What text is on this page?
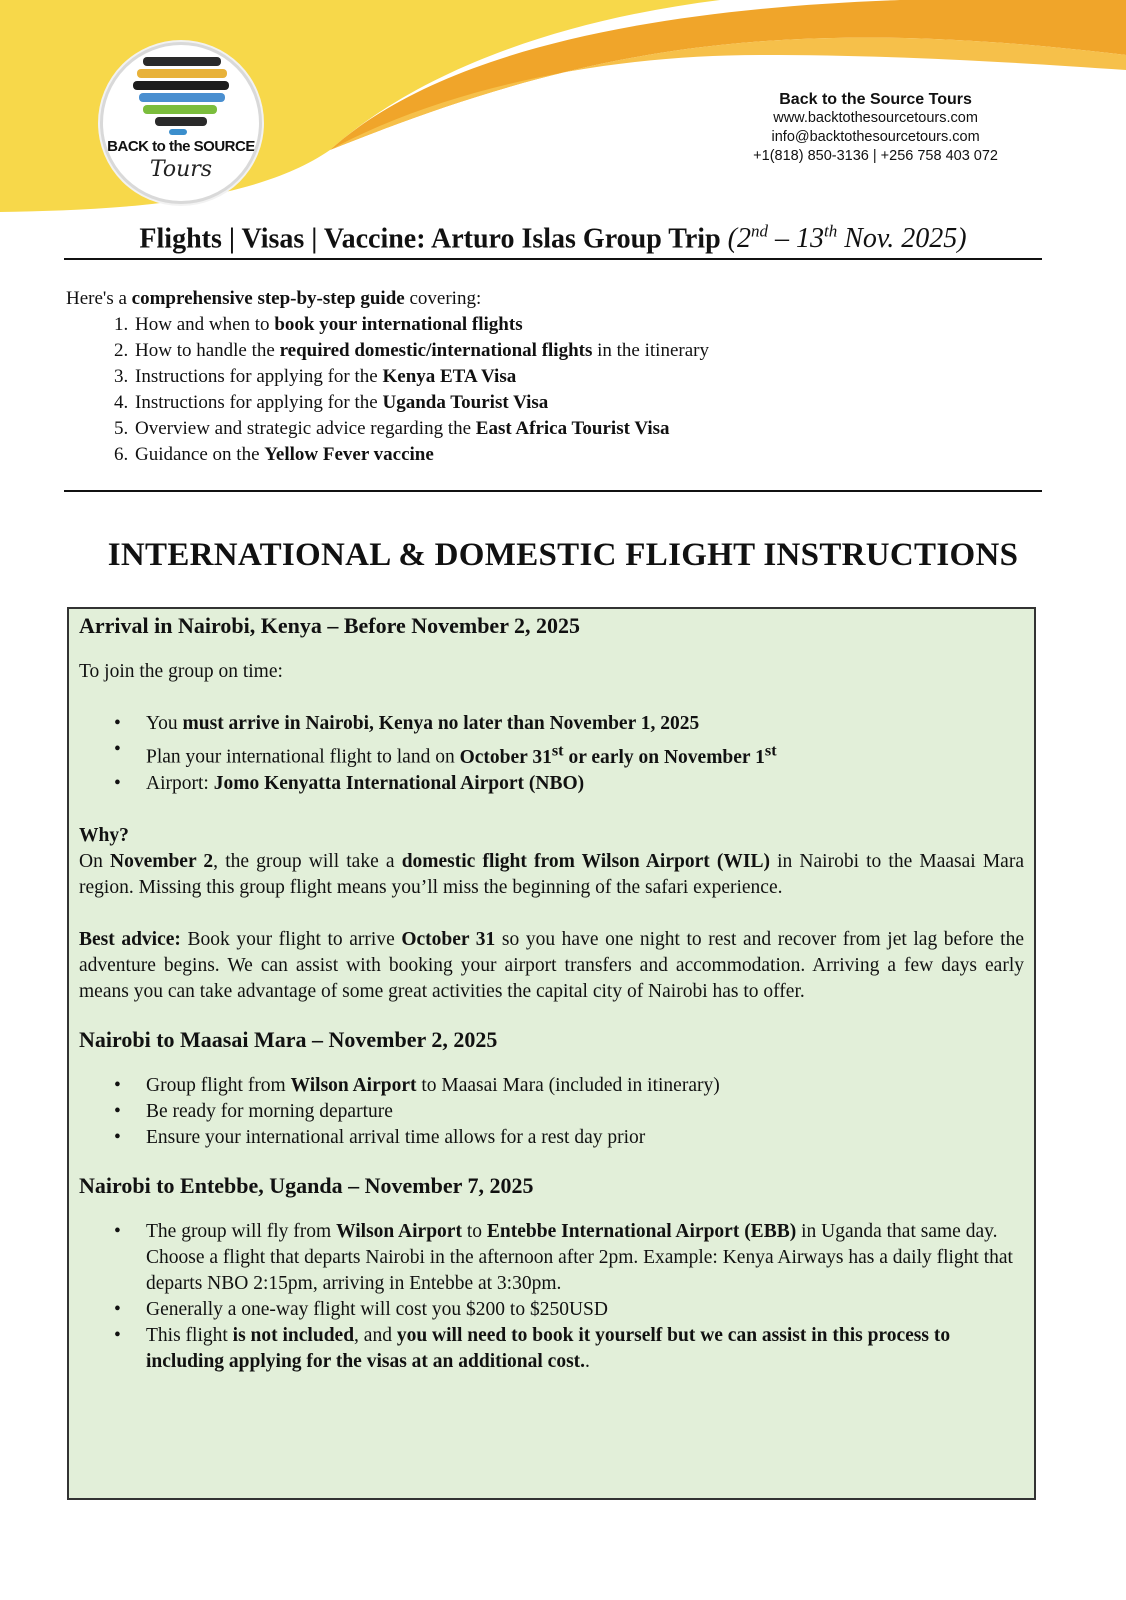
BACK to the SOURCE
Tours
Back to the Source Tours
www.backtothesourcetours.com
info@backtothesourcetours.com
+1(818) 850-3136 | +256 758 403 072
Flights | Visas | Vaccine: Arturo Islas Group Trip (2nd – 13th Nov. 2025)
Here's a comprehensive step-by-step guide covering:
1. How and when to book your international flights
2. How to handle the required domestic/international flights in the itinerary
3. Instructions for applying for the Kenya ETA Visa
4. Instructions for applying for the Uganda Tourist Visa
5. Overview and strategic advice regarding the East Africa Tourist Visa
6. Guidance on the Yellow Fever vaccine
INTERNATIONAL & DOMESTIC FLIGHT INSTRUCTIONS
Arrival in Nairobi, Kenya – Before November 2, 2025

To join the group on time:

• You must arrive in Nairobi, Kenya no later than November 1, 2025
• Plan your international flight to land on October 31st or early on November 1st
• Airport: Jomo Kenyatta International Airport (NBO)

Why?

On November 2, the group will take a domestic flight from Wilson Airport (WIL) in Nairobi to the Maasai Mara region. Missing this group flight means you’ll miss the beginning of the safari experience.

Best advice: Book your flight to arrive October 31 so you have one night to rest and recover from jet lag before the adventure begins. We can assist with booking your airport transfers and accommodation. Arriving a few days early means you can take advantage of some great activities the capital city of Nairobi has to offer.

Nairobi to Maasai Mara – November 2, 2025
• Group flight from Wilson Airport to Maasai Mara (included in itinerary)
• Be ready for morning departure
• Ensure your international arrival time allows for a rest day prior
Nairobi to Entebbe, Uganda – November 7, 2025
• The group will fly from Wilson Airport to Entebbe International Airport (EBB) in Uganda that same day. Choose a flight that departs Nairobi in the afternoon after 2pm. Example: Kenya Airways has a daily flight that departs NBO 2:15pm, arriving in Entebbe at 3:30pm.
• Generally a one-way flight will cost you $200 to $250USD
• This flight is not included, and you will need to book it yourself but we can assist in this process to including applying for the visas at an additional cost..
